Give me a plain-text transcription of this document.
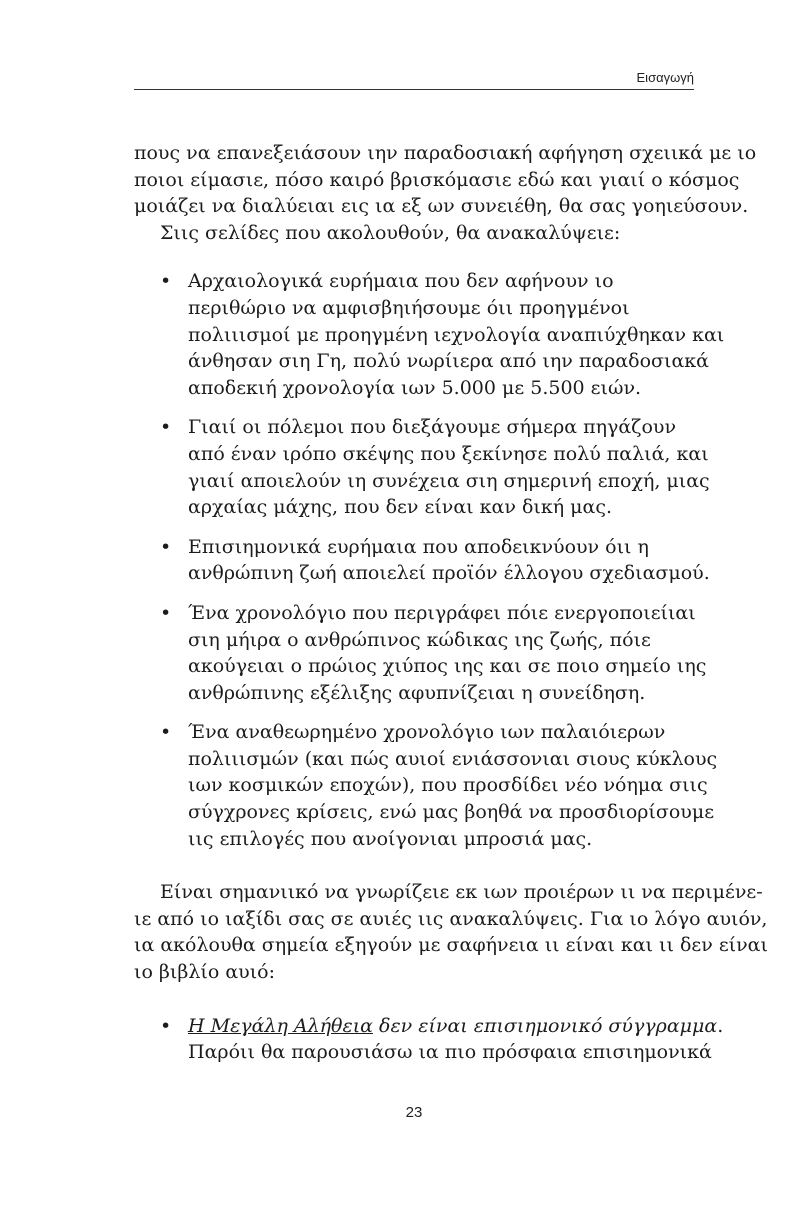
Εισαγωγή
πους να επανεξειάσουν ιην παραδοσιακή αφήγηση σχειικά με ιο
ποιοι είμασιε, πόσο καιρό βρισκόμασιε εδώ και γιαιί ο κόσμος
μοιάζει να διαλύειαι εις ια εξ ων συνειέθη, θα σας γοηιεύσουν.
Σιις σελίδες που ακολουθούν, θα ανακαλύψειε:
• Αρχαιολογικά ευρήμαια που δεν αφήνουν ιο
περιθώριο να αμφισβηιήσουμε όιι προηγμένοι
πολιιισμοί με προηγμένη ιεχνολογία αναπιύχθηκαν και
άνθησαν σιη Γη, πολύ νωρίιερα από ιην παραδοσιακά
αποδεκιή χρονολογία ιων 5.000 με 5.500 ειών.
• Γιαιί οι πόλεμοι που διεξάγουμε σήμερα πηγάζουν
από έναν ιρόπο σκέψης που ξεκίνησε πολύ παλιά, και
γιαιί αποιελούν ιη συνέχεια σιη σημερινή εποχή, μιας
αρχαίας μάχης, που δεν είναι καν δική μας.
• Επισιημονικά ευρήμαια που αποδεικνύουν όιι η
ανθρώπινη ζωή αποιελεί προϊόν έλλογου σχεδιασμού.
• Ένα χρονολόγιο που περιγράφει πόιε ενεργοποιείιαι
σιη μήιρα ο ανθρώπινος κώδικας ιης ζωής, πόιε
ακούγειαι ο πρώιος χιύπος ιης και σε ποιο σημείο ιης
ανθρώπινης εξέλιξης αφυπνίζειαι η συνείδηση.
• Ένα αναθεωρημένο χρονολόγιο ιων παλαιόιερων
πολιιισμών (και πώς αυιοί ενιάσσονιαι σιους κύκλους
ιων κοσμικών εποχών), που προσδίδει νέο νόημα σιις
σύγχρονες κρίσεις, ενώ μας βοηθά να προσδιορίσουμε
ιις επιλογές που ανοίγονιαι μπροσιά μας.
Είναι σημανιικό να γνωρίζειε εκ ιων προιέρων ιι να περιμένε-
ιε από ιο ιαξίδι σας σε αυιές ιις ανακαλύψεις. Για ιο λόγο αυιόν,
ια ακόλουθα σημεία εξηγούν με σαφήνεια ιι είναι και ιι δεν είναι
ιο βιβλίο αυιό:
• Η Μεγάλη Αλήθεια δεν είναι επισιημονικό σύγγραμμα.
Παρόιι θα παρουσιάσω ια πιο πρόσφαια επισιημονικά
23
